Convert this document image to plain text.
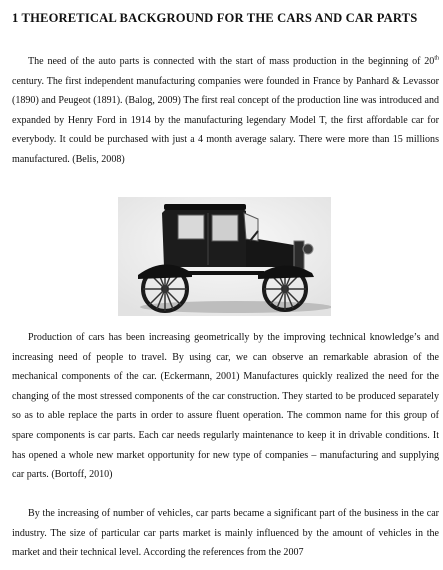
1 THEORETICAL BACKGROUND FOR THE CARS AND CAR PARTS

The need of the auto parts is connected with the start of mass production in the beginning of 20th century. The first independent manufacturing companies were founded in France by Panhard & Levassor (1890) and Peugeot (1891). (Balog, 2009) The first real concept of the production line was introduced and expanded by Henry Ford in 1914 by the manufacturing legendary Model T, the first affordable car for everybody. It could be purchased with just a 4 month average salary. There were more than 15 millions manufactured. (Belis, 2008)

Production of cars has been increasing geometrically by the improving technical knowledge’s and increasing need of people to travel. By using car, we can observe an remarkable abrasion of the mechanical components of the car. (Eckermann, 2001) Manufactures quickly realized the need for the changing of the most stressed components of the car construction. They started to be produced separately so as to able replace the parts in order to assure fluent operation. The common name for this group of spare components is car parts. Each car needs regularly maintenance to keep it in drivable conditions. It has opened a whole new market opportunity for new type of companies – manufacturing and supplying car parts. (Bortoff, 2010)

By the increasing of number of vehicles, car parts became a significant part of the business in the car industry. The size of particular car parts market is mainly influenced by the amount of vehicles in the market and their technical level. According the references from the 2007
